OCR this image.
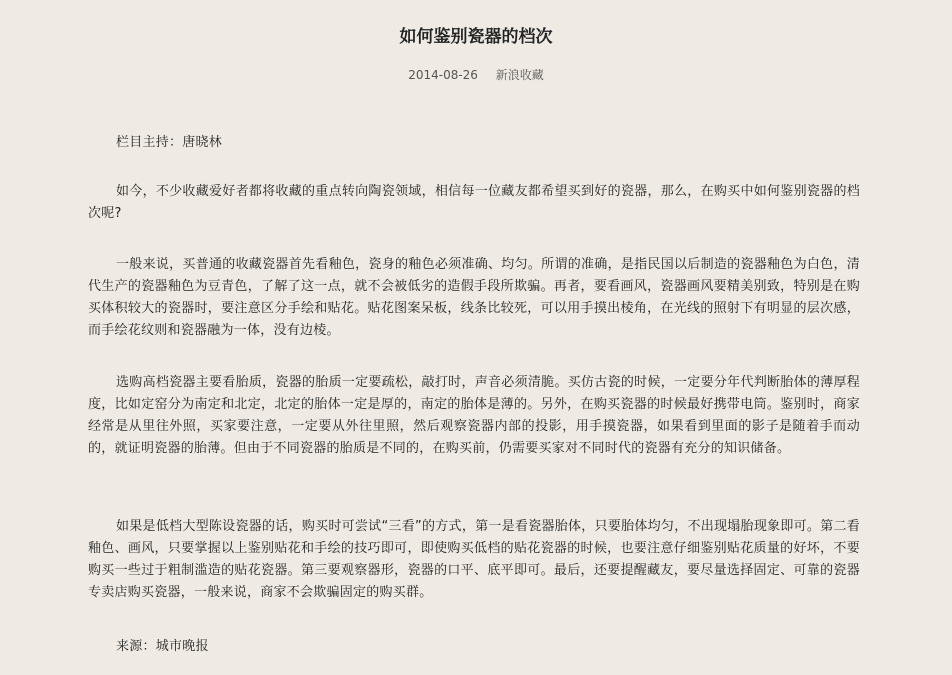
如何鉴别瓷器的档次
2014-08-26 新浪收藏

栏目主持：唐晓林

如今，不少收藏爱好者都将收藏的重点转向陶瓷领域，相信每一位藏友都希望买到好的瓷器，那么，在购买中如何鉴别瓷器的档次呢?

一般来说，买普通的收藏瓷器首先看釉色，瓷身的釉色必须准确、均匀。所谓的准确，是指民国以后制造的瓷器釉色为白色，清代生产的瓷器釉色为豆青色，了解了这一点，就不会被低劣的造假手段所欺骗。再者，要看画风，瓷器画风要精美别致，特别是在购买体积较大的瓷器时，要注意区分手绘和贴花。贴花图案呆板，线条比较死，可以用手摸出棱角，在光线的照射下有明显的层次感，而手绘花纹则和瓷器融为一体，没有边棱。

选购高档瓷器主要看胎质，瓷器的胎质一定要疏松，敲打时，声音必须清脆。买仿古瓷的时候，一定要分年代判断胎体的薄厚程度，比如定窑分为南定和北定，北定的胎体一定是厚的，南定的胎体是薄的。另外，在购买瓷器的时候最好携带电筒。鉴别时，商家经常是从里往外照，买家要注意，一定要从外往里照，然后观察瓷器内部的投影，用手摸瓷器，如果看到里面的影子是随着手而动的，就证明瓷器的胎薄。但由于不同瓷器的胎质是不同的，在购买前，仍需要买家对不同时代的瓷器有充分的知识储备。

如果是低档大型陈设瓷器的话，购买时可尝试“三看”的方式，第一是看瓷器胎体，只要胎体均匀，不出现塌胎现象即可。第二看釉色、画风，只要掌握以上鉴别贴花和手绘的技巧即可，即使购买低档的贴花瓷器的时候，也要注意仔细鉴别贴花质量的好坏，不要购买一些过于粗制滥造的贴花瓷器。第三要观察器形，瓷器的口平、底平即可。最后，还要提醒藏友，要尽量选择固定、可靠的瓷器专卖店购买瓷器，一般来说，商家不会欺骗固定的购买群。

来源：城市晚报
